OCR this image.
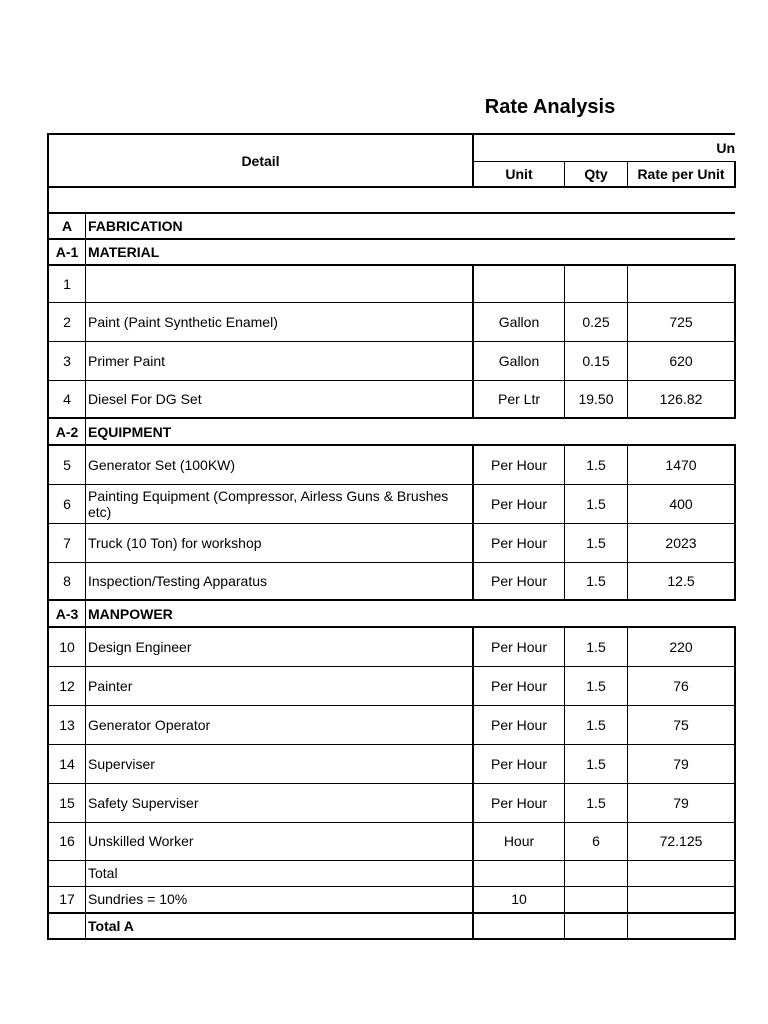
Rate Analysis
Detail		Un		
		Unit	Qty	Rate per Unit

A	FABRICATION			
A-1	MATERIAL			
1				
2	Paint (Paint Synthetic Enamel)	Gallon	0.25	725
3	Primer Paint	Gallon	0.15	620
4	Diesel For DG Set	Per Ltr	19.50	126.82
A-2	EQUIPMENT			
5	Generator Set (100KW)	Per Hour	1.5	1470
6	Painting Equipment (Compressor, Airless Guns & Brushes etc)	Per Hour	1.5	400
7	Truck (10 Ton) for workshop	Per Hour	1.5	2023
8	Inspection/Testing Apparatus	Per Hour	1.5	12.5
A-3	MANPOWER			
10	Design Engineer	Per Hour	1.5	220
12	Painter	Per Hour	1.5	76
13	Generator Operator	Per Hour	1.5	75
14	Superviser	Per Hour	1.5	79
15	Safety Superviser	Per Hour	1.5	79
16	Unskilled Worker	Hour	6	72.125
	Total			
17	Sundries = 10%	10		
	Total A			
